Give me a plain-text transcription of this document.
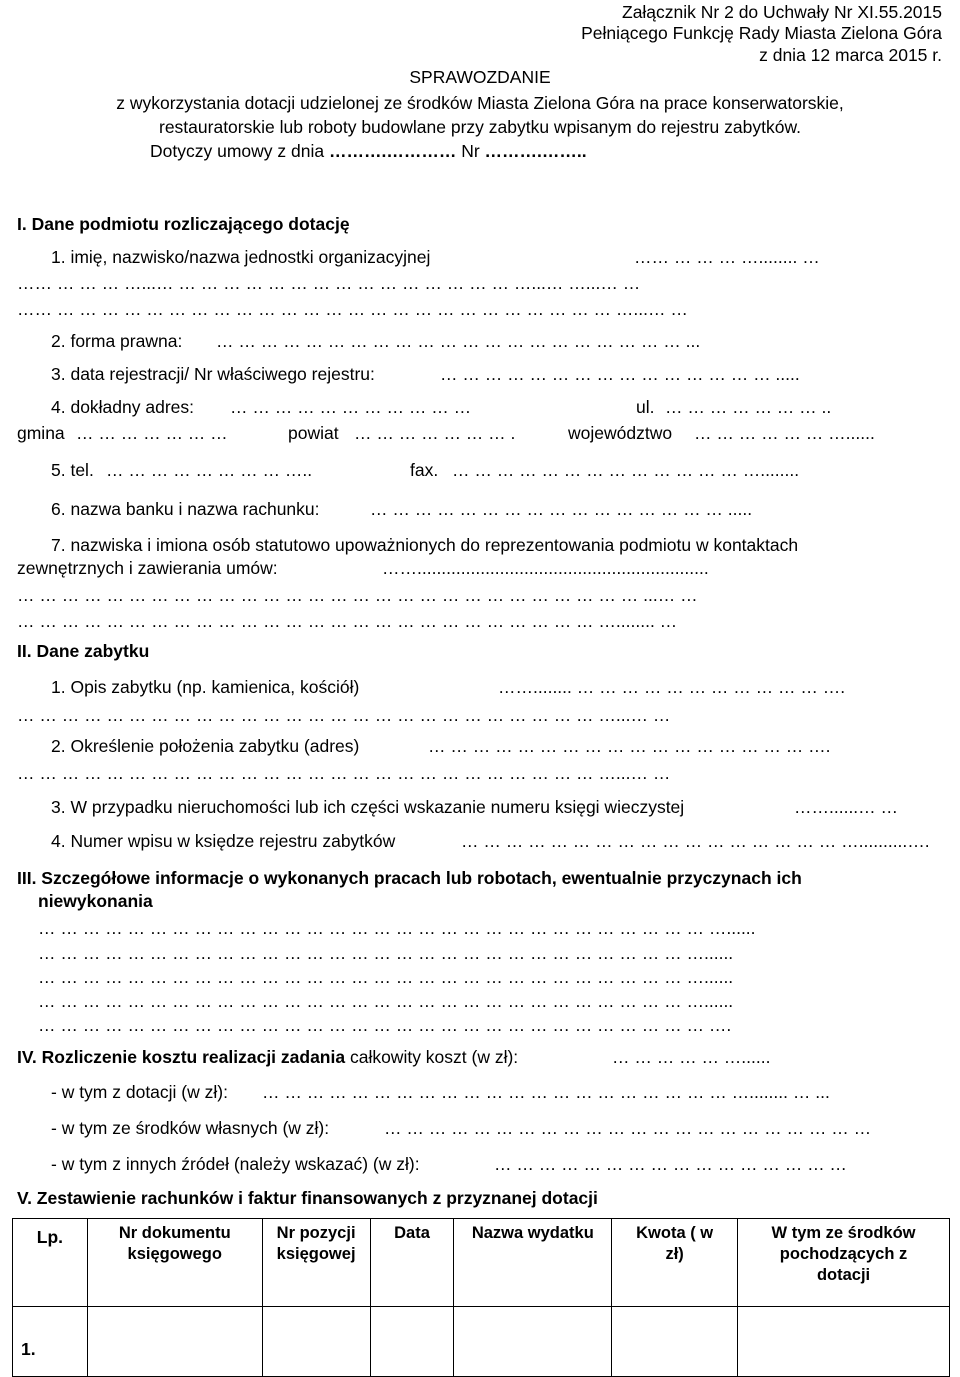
Załącznik Nr 2 do Uchwały Nr XI.55.2015
Pełniącego Funkcję Rady Miasta Zielona Góra
z dnia 12 marca 2015 r.
SPRAWOZDANIE
z wykorzystania dotacji udzielonej ze środków Miasta Zielona Góra na prace konserwatorskie,
restauratorskie lub roboty budowlane przy zabytku wpisanym do rejestru zabytków.
Dotyczy umowy z dnia ……….………… Nr ……….……..
I. Dane podmiotu rozliczającego dotację
1. imię, nazwisko/nazwa jednostki organizacyjnej	…… … … … …........ …
…… … … … …...… … … … … … … … … … … … … … … … …...… …...… …
…… … … … … … … … … … … … … … … … … … … … … … … … … … …...… …
2. forma prawna: … … … … … … … … … … … … … … … … … … … … … ...
3. data rejestracji/ Nr właściwego rejestru:	… … … … … … … … … … … … … … … .....
4. dokładny adres: … … … … … … … … … … …	ul. … … … … … … … ..
gmina … … … … … … …	powiat … … … … … … … .	województwo … … … … … … …......
5. tel. … … … … … … … … …..	fax. … … … … … … … … … … … … … …........
6. nazwa banku i nazwa rachunku:	… … … … … … … … … … … … … … … … .....
7. nazwiska i imiona osób statutowo upoważnionych do reprezentowania podmiotu w kontaktach
zewnętrznych i zawierania umów:	……............................................................
… … … … … … … … … … … … … … … … … … … … … … … … … … … … ...… …
… … … … … … … … … … … … … … … … … … … … … … … … … … …........ …
II. Dane zabytku
1. Opis zabytku (np. kamienica, kościół)	……........ … … … … … … … … … … … ….
… … … … … … … … … … … … … … … … … … … … … … … … … … …...… …
2. Określenie położenia zabytku (adres)	… … … … … … … … … … … … … … … … … ….
… … … … … … … … … … … … … … … … … … … … … … … … … … …...… …
3. W przypadku nieruchomości lub ich części wskazanie numeru księgi wieczystej	……......… …
4. Numer wpisu w księdze rejestru zabytków	… … … … … … … … … … … … … … … … … …..........….
III. Szczegółowe informacje o wykonanych pracach lub robotach, ewentualnie przyczynach ich
niewykonania
… … … … … … … … … … … … … … … … … … … … … … … … … … … … … … …......
… … … … … … … … … … … … … … … … … … … … … … … … … … … … … …......
… … … … … … … … … … … … … … … … … … … … … … … … … … … … … …......
… … … … … … … … … … … … … … … … … … … … … … … … … … … … … …......
… … … … … … … … … … … … … … … … … … … … … … … … … … … … … … ….
IV. Rozliczenie kosztu realizacji zadania całkowity koszt (w zł):	… … … … … …......
- w tym z dotacji (w zł): … … … … … … … … … … … … … … … … … … … … … …........ … ...
- w tym ze środków własnych (w zł):	… … … … … … … … … … … … … … … … … … … … … …
- w tym z innych źródeł (należy wskazać) (w zł):	… … … … … … … … … … … … … … … …
V. Zestawienie rachunków i faktur finansowanych z przyznanej dotacji
Lp.	Nr dokumentu księgowego	Nr pozycji księgowej	Data	Nazwa wydatku	Kwota ( w zł)	W tym ze środków pochodzących z dotacji
1.						
